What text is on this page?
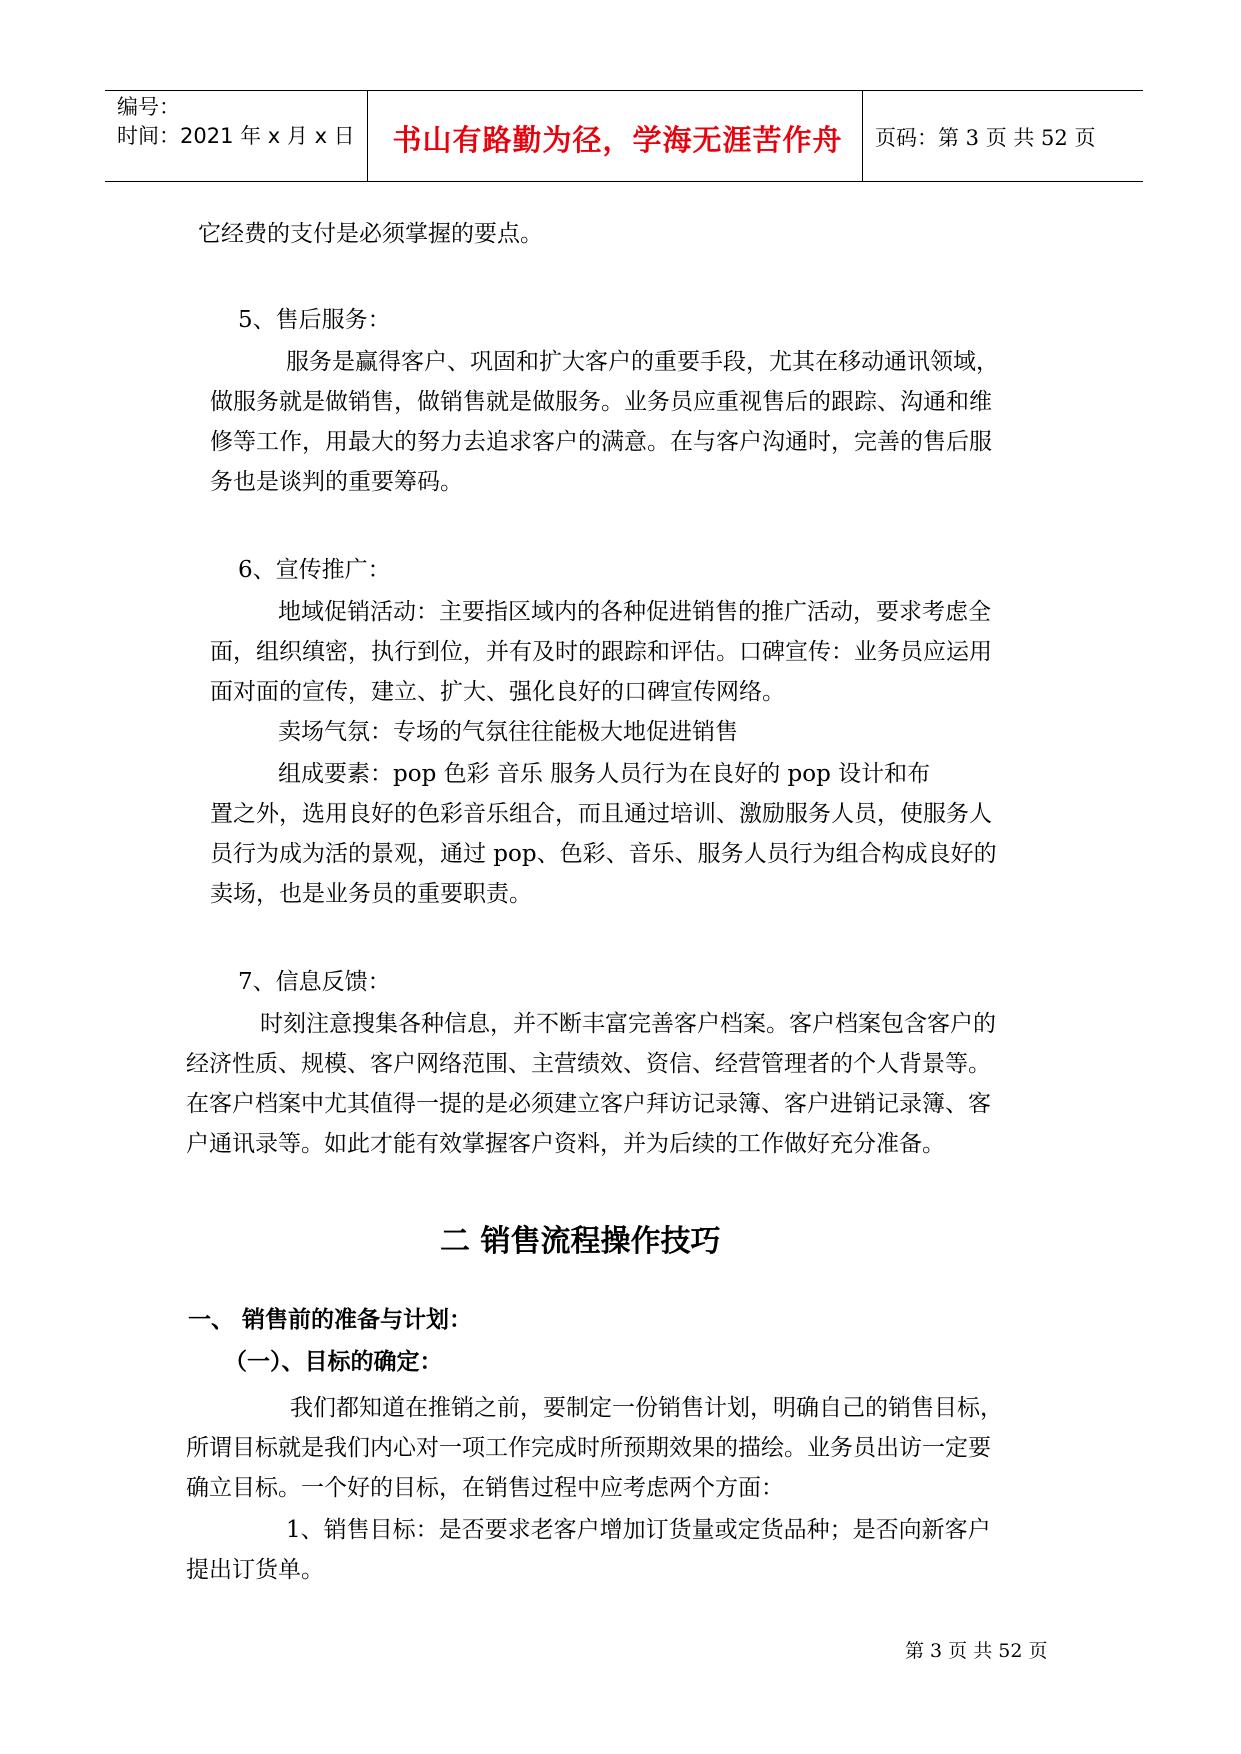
编号：
时间：2021 年 x 月 x 日	书山有路勤为径，学海无涯苦作舟	页码：第 3 页 共 52 页
它经费的支付是必须掌握的要点。
5、售后服务：
服务是赢得客户、巩固和扩大客户的重要手段，尤其在移动通讯领域，
做服务就是做销售，做销售就是做服务。业务员应重视售后的跟踪、沟通和维
修等工作，用最大的努力去追求客户的满意。在与客户沟通时，完善的售后服
务也是谈判的重要筹码。
6、宣传推广：
地域促销活动：主要指区域内的各种促进销售的推广活动，要求考虑全
面，组织缜密，执行到位，并有及时的跟踪和评估。口碑宣传：业务员应运用
面对面的宣传，建立、扩大、强化良好的口碑宣传网络。
卖场气氛：专场的气氛往往能极大地促进销售
组成要素：pop 色彩 音乐 服务人员行为在良好的 pop 设计和布
置之外，选用良好的色彩音乐组合，而且通过培训、激励服务人员，使服务人
员行为成为活的景观，通过 pop、色彩、音乐、服务人员行为组合构成良好的
卖场，也是业务员的重要职责。
7、信息反馈：
时刻注意搜集各种信息，并不断丰富完善客户档案。客户档案包含客户的
经济性质、规模、客户网络范围、主营绩效、资信、经营管理者的个人背景等。
在客户档案中尤其值得一提的是必须建立客户拜访记录簿、客户进销记录簿、客
户通讯录等。如此才能有效掌握客户资料，并为后续的工作做好充分准备。
二 销售流程操作技巧
一、 销售前的准备与计划：
（一）、目标的确定：
我们都知道在推销之前，要制定一份销售计划，明确自己的销售目标，
所谓目标就是我们内心对一项工作完成时所预期效果的描绘。业务员出访一定要
确立目标。一个好的目标，在销售过程中应考虑两个方面：
1、销售目标：是否要求老客户增加订货量或定货品种；是否向新客户
提出订货单。
第 3 页 共 52 页
